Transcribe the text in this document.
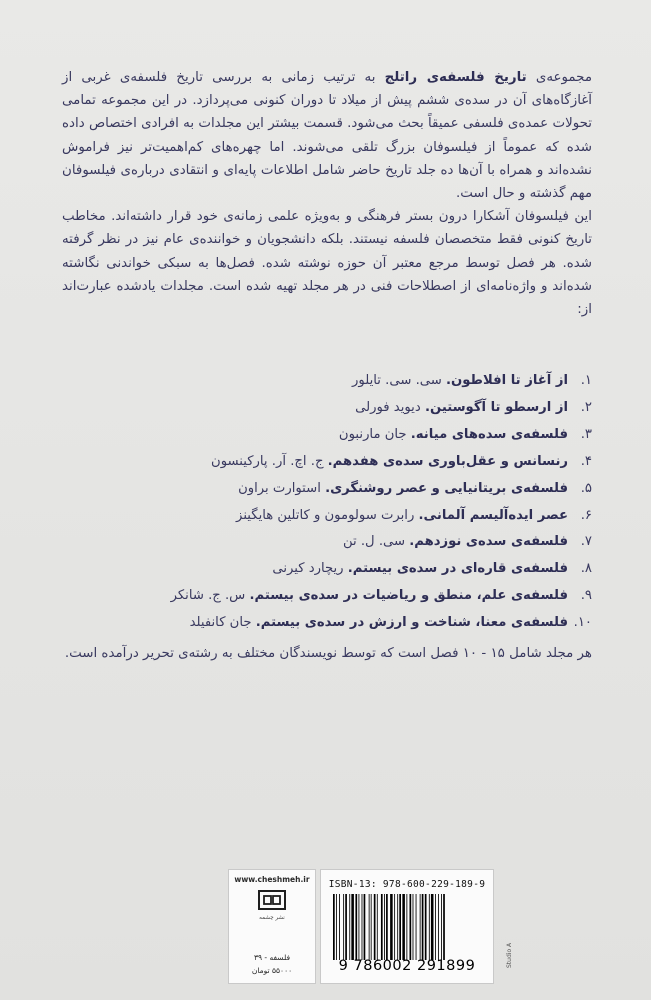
مجموعه‌ی تاریخ فلسفه‌ی راتلج به ترتیب زمانی به بررسی تاریخ فلسفه‌ی غربی از آغازگاه‌های آن در سده‌ی ششم پیش از میلاد تا دوران کنونی می‌پردازد. در این مجموعه تمامی تحولات عمده‌ی فلسفی عمیقاً بحث می‌شود. قسمت بیشتر این مجلدات به افرادی اختصاص داده شده که عموماً از فیلسوفان بزرگ تلقی می‌شوند. اما چهره‌های کم‌اهمیت‌تر نیز فراموش نشده‌اند و همراه با آن‌ها ده جلد تاریخ حاضر شامل اطلاعات پایه‌ای و انتقادی درباره‌ی فیلسوفان مهم گذشته و حال است.

این فیلسوفان آشکارا درون بستر فرهنگی و به‌ویژه علمی زمانه‌ی خود قرار داشته‌اند. مخاطب تاریخ کنونی فقط متخصصان فلسفه نیستند. بلکه دانشجویان و خواننده‌ی عام نیز در نظر گرفته شده. هر فصل توسط مرجع معتبر آن حوزه نوشته شده. فصل‌ها به سبکی خواندنی نگاشته شده‌اند و واژه‌نامه‌ای از اصطلاحات فنی در هر مجلد تهیه شده است. مجلدات یادشده عبارت‌اند از:

۱.از آغاز تا افلاطون. سی. سی. تایلور
۲.از ارسطو تا آگوستین. دیوید فورلی
۳.فلسفه‌ی سده‌های میانه. جان مارنبون
۴.رنسانس و عقل‌باوری سده‌ی هفدهم. ج. اچ. آر. پارکینسون
۵.فلسفه‌ی بریتانیایی و عصر روشنگری. استوارت براون
۶.عصر ایده‌آلیسم آلمانی. رابرت سولومون و کاتلین هایگینز
۷.فلسفه‌ی سده‌ی نوزدهم. سی. ل. تن
۸.فلسفه‌ی قاره‌ای در سده‌ی بیستم. ریچارد کیرنی
۹.فلسفه‌ی علم، منطق و ریاضیات در سده‌ی بیستم. س. ج. شانکر
۱۰.فلسفه‌ی معنا، شناخت و ارزش در سده‌ی بیستم. جان کانفیلد

هر مجلد شامل ۱۵ - ۱۰ فصل است که توسط نویسندگان مختلف به رشته‌ی تحریر درآمده است.

www.cheshmeh.ir
نشر چشمه
فلسفه - ۳۹
۵۵۰۰۰ تومان
ISBN-13: 978-600-229-189-9
9 786002 291899	Studio A
